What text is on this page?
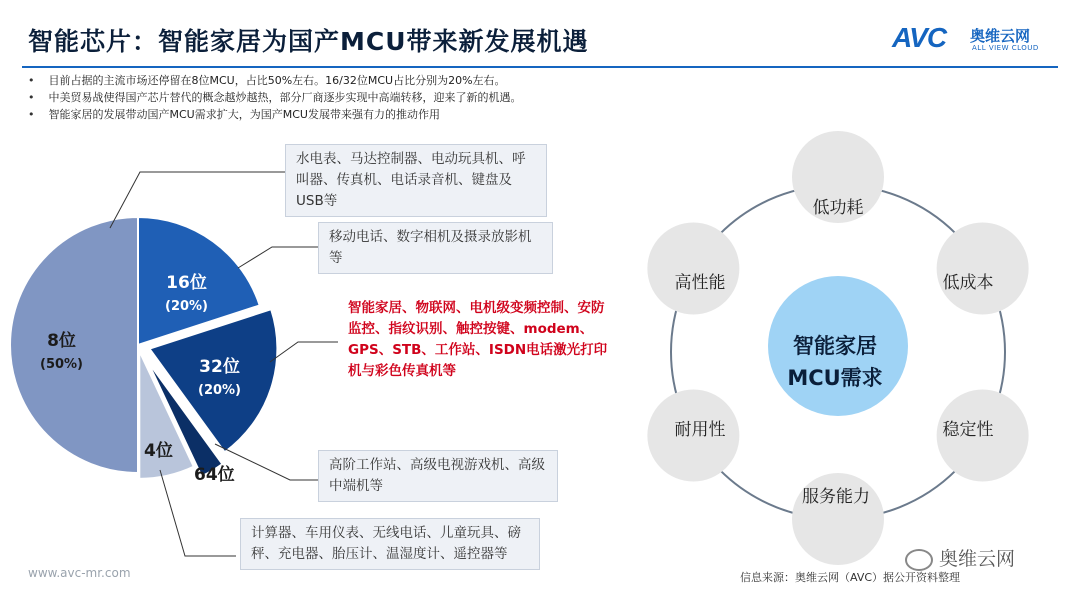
智能芯片：智能家居为国产MCU带来新发展机遇	AVC 奥维云网
ALL VIEW CLOUD
• 目前占据的主流市场还停留在8位MCU，占比50%左右。16/32位MCU占比分别为20%左右。
• 中美贸易战使得国产芯片替代的概念越炒越热，部分厂商逐步实现中高端转移，迎来了新的机遇。
• 智能家居的发展带动国产MCU需求扩大，为国产MCU发展带来强有力的推动作用
8位
(50%)
16位
(20%)
32位
(20%)
64位
4位
水电表、马达控制器、电动玩具机、呼叫器、传真机、电话录音机、键盘及USB等
移动电话、数字相机及摄录放影机等
智能家居、物联网、电机级变频控制、安防监控、指纹识别、触控按键、modem、GPS、STB、工作站、ISDN电话激光打印机与彩色传真机等
高阶工作站、高级电视游戏机、高级中端机等
计算器、车用仪表、无线电话、儿童玩具、磅秤、充电器、胎压计、温湿度计、遥控器等
智能家居
MCU需求
低功耗
低成本
稳定性
服务能力
耐用性
高性能
www.avc-mr.com	信息来源：奥维云网（AVC）据公开资料整理
奥维云网
